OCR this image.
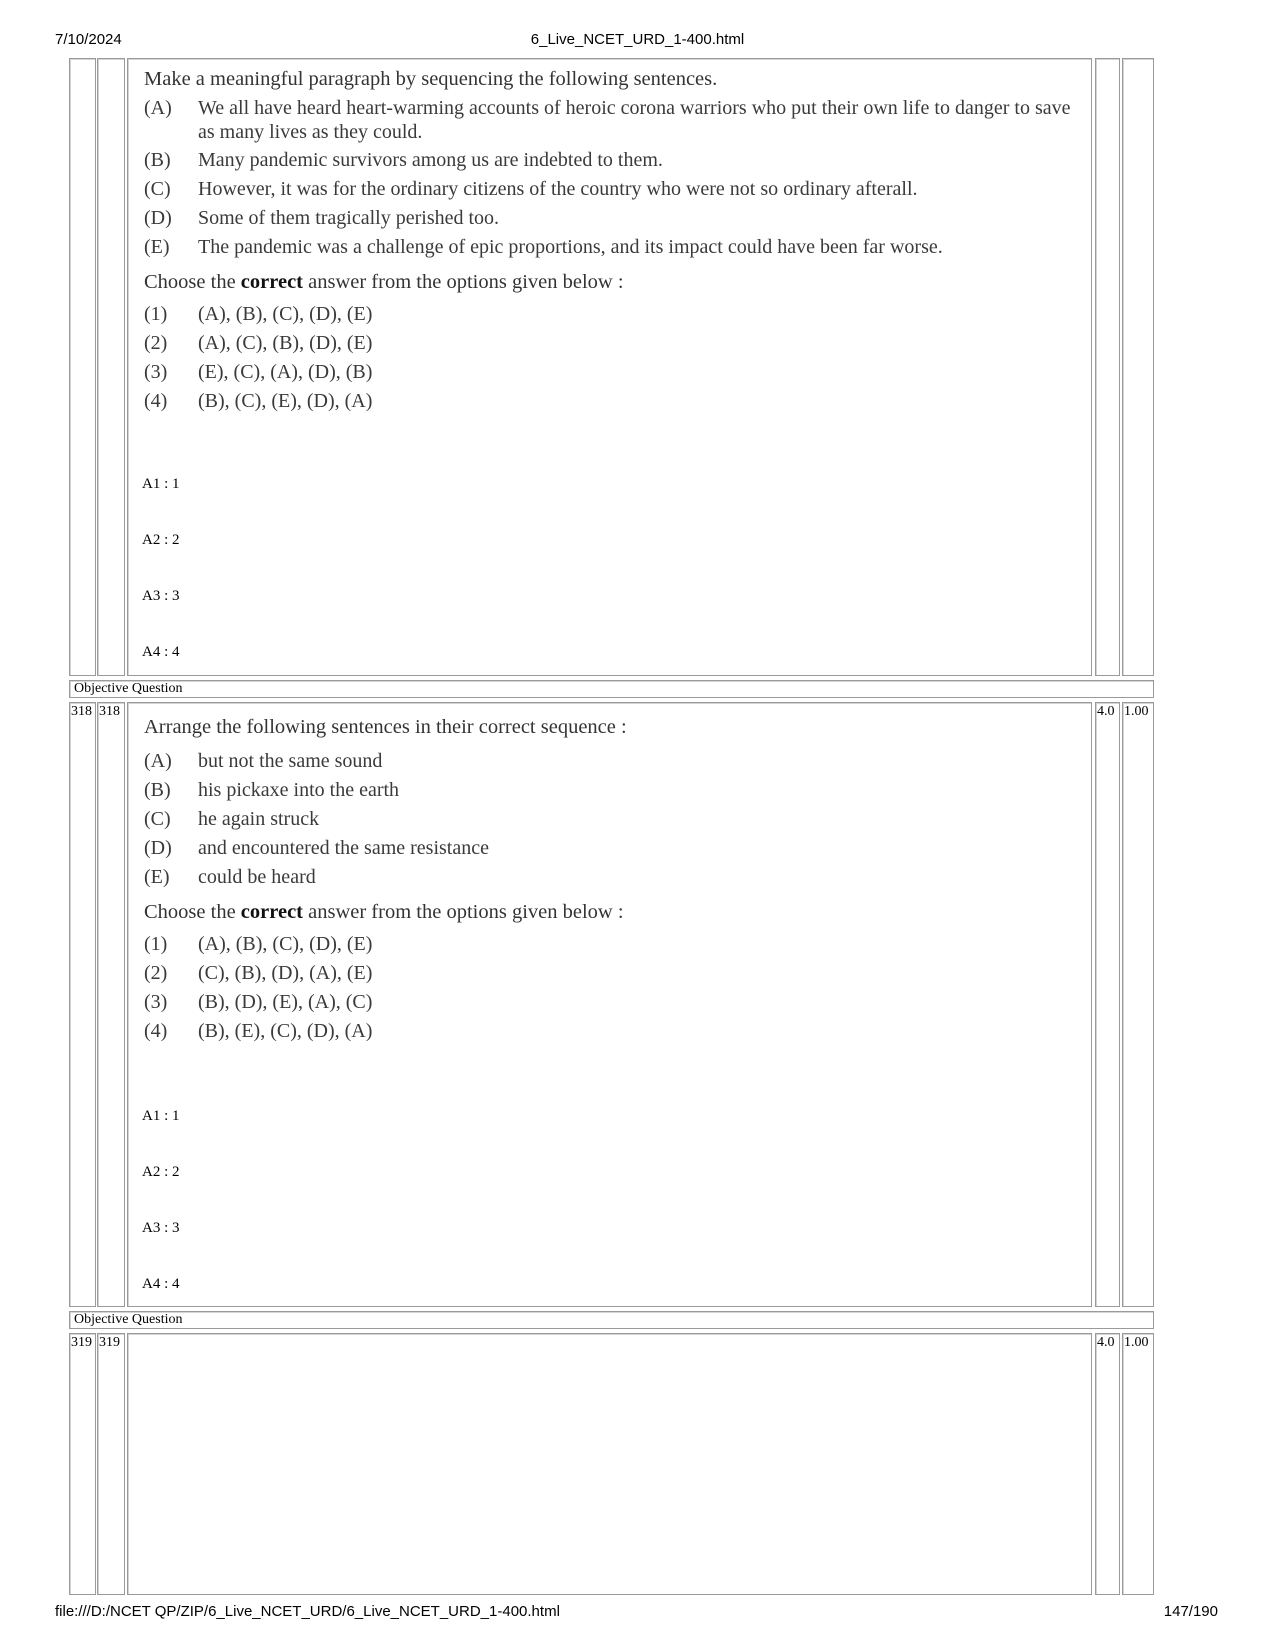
7/10/2024	6_Live_NCET_URD_1-400.html
Make a meaningful paragraph by sequencing the following sentences.
(A) We all have heard heart-warming accounts of heroic corona warriors who put their own life to danger to save as many lives as they could.
(B) Many pandemic survivors among us are indebted to them.
(C) However, it was for the ordinary citizens of the country who were not so ordinary afterall.
(D) Some of them tragically perished too.
(E) The pandemic was a challenge of epic proportions, and its impact could have been far worse.
Choose the correct answer from the options given below :
(1) (A), (B), (C), (D), (E)
(2) (A), (C), (B), (D), (E)
(3) (E), (C), (A), (D), (B)
(4) (B), (C), (E), (D), (A)
A1 : 1
A2 : 2
A3 : 3
A4 : 4
Objective Question
318 318	4.0 1.00
Arrange the following sentences in their correct sequence :
(A) but not the same sound
(B) his pickaxe into the earth
(C) he again struck
(D) and encountered the same resistance
(E) could be heard
Choose the correct answer from the options given below :
(1) (A), (B), (C), (D), (E)
(2) (C), (B), (D), (A), (E)
(3) (B), (D), (E), (A), (C)
(4) (B), (E), (C), (D), (A)
A1 : 1
A2 : 2
A3 : 3
A4 : 4
Objective Question
319 319	4.0 1.00
file:///D:/NCET QP/ZIP/6_Live_NCET_URD/6_Live_NCET_URD_1-400.html	147/190
